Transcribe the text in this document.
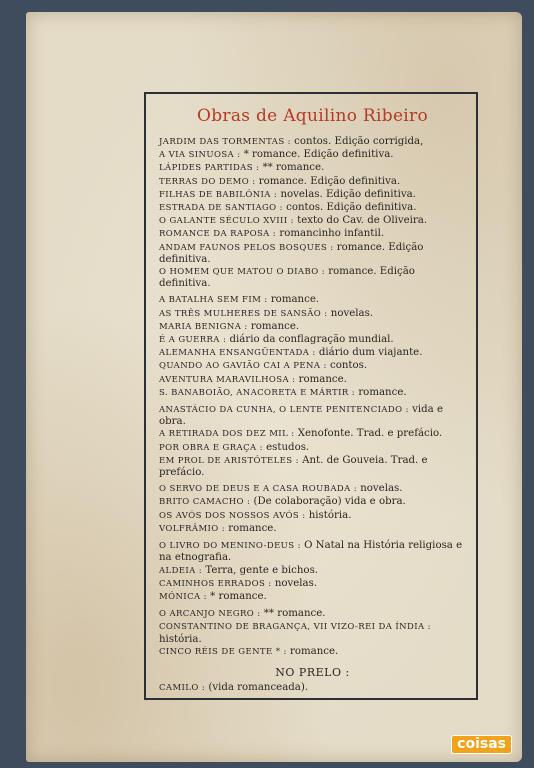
Obras de Aquilino Ribeiro
JARDIM DAS TORMENTAS : contos. Edição corrigida,
A VIA SINUOSA : * romance. Edição definitiva.
LÁPIDES PARTIDAS : ** romance.
TERRAS DO DEMO : romance. Edição definitiva.
FILHAS DE BABILÓNIA : novelas. Edição definitiva.
ESTRADA DE SANTIAGO : contos. Edição definitiva.
O GALANTE SÉCULO XVIII : texto do Cav. de Oliveira.
ROMANCE DA RAPOSA : romancinho infantil.
ANDAM FAUNOS PELOS BOSQUES : romance. Edição definitiva.
O HOMEM QUE MATOU O DIABO : romance. Edição definitiva.
A BATALHA SEM FIM : romance.
AS TRÊS MULHERES DE SANSÃO : novelas.
MARIA BENIGNA : romance.
É A GUERRA : diário da conflagração mundial.
ALEMANHA ENSANGÜENTADA : diário dum viajante.
QUANDO AO GAVIÃO CAI A PENA : contos.
AVENTURA MARAVILHOSA : romance.
S. BANABOIÃO, ANACORETA E MÁRTIR : romance.
ANASTÁCIO DA CUNHA, O LENTE PENITENCIADO : vida e obra.
A RETIRADA DOS DEZ MIL : Xenofonte. Trad. e prefácio.
POR OBRA E GRAÇA : estudos.
EM PROL DE ARISTÓTELES : Ant. de Gouveia. Trad. e prefácio.
O SERVO DE DEUS E A CASA ROUBADA : novelas.
BRITO CAMACHO : (De colaboração) vida e obra.
OS AVÓS DOS NOSSOS AVÓS : história.
VOLFRÂMIO : romance.
O LIVRO DO MENINO-DEUS : O Natal na História religiosa e na etnografia.
ALDEIA : Terra, gente e bichos.
CAMINHOS ERRADOS : novelas.
MÓNICA : * romance.
O ARCANJO NEGRO : ** romance.
CONSTANTINO DE BRAGANÇA, VII VIZO-REI DA ÍNDIA : história.
CINCO RÉIS DE GENTE * : romance.
NO PRELO :
CAMILO : (vida romanceada).
coisas
